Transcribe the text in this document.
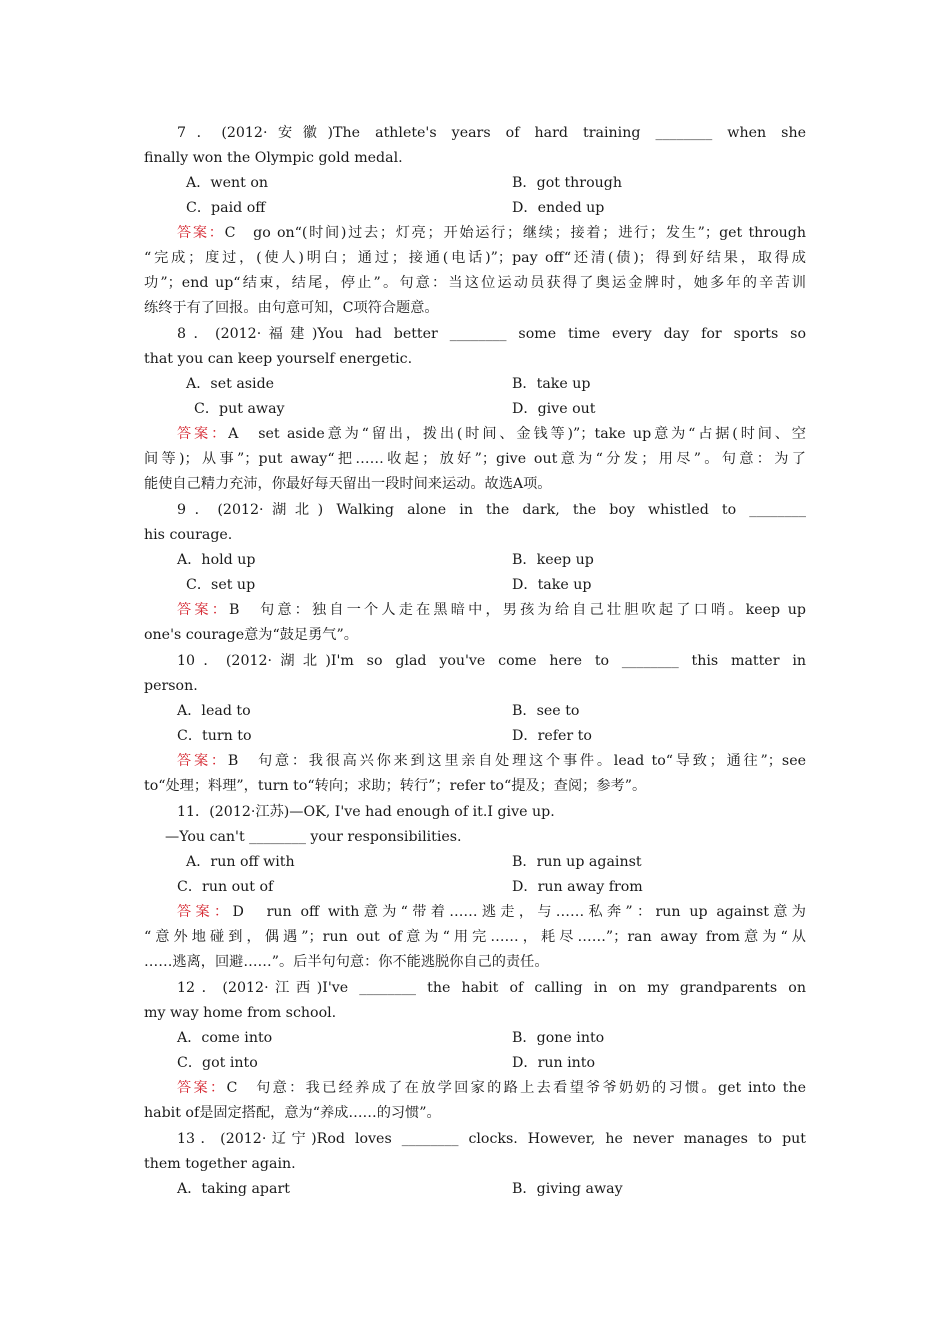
7．(2012·安徽)The athlete's years of hard training ________ when she
finally won the Olympic gold medal.
A．went on	B．got through
C．paid off	D．ended up
答案：C　go on“(时间)过去；灯亮；开始运行；继续；接着；进行；发生”；get through
“完成；度过，(使人)明白；通过；接通(电话)”；pay off“还清(债)；得到好结果，取得成
功”；end up“结束，结尾，停止”。句意：当这位运动员获得了奥运金牌时，她多年的辛苦训
练终于有了回报。由句意可知，C项符合题意。
8．(2012·福建)You had better ________ some time every day for sports so
that you can keep yourself energetic.
A．set aside	B．take up
C．put away	D．give out
答案：A　set aside意为“留出，拨出(时间、金钱等)”；take up意为“占据(时间、空
间等)；从事”；put away“把……收起；放好”；give out意为“分发；用尽”。句意：为了
能使自己精力充沛，你最好每天留出一段时间来运动。故选A项。
9．(2012·湖北) Walking alone in the dark, the boy whistled to ________
his courage.
A．hold up	B．keep up
C．set up	D．take up
答案：B　句意：独自一个人走在黑暗中，男孩为给自己壮胆吹起了口哨。keep up
one's courage意为“鼓足勇气”。
10．(2012·湖北)I'm so glad you've come here to ________ this matter in
person.
A．lead to	B．see to
C．turn to	D．refer to
答案：B　句意：我很高兴你来到这里亲自处理这个事件。lead to“导致；通往”；see
to“处理；料理”，turn to“转向；求助；转行”；refer to“提及；查阅；参考”。
11．(2012·江苏)—OK, I've had enough of it.I give up.
—You can't ________ your responsibilities.
A．run off with	B．run up against
C．run out of	D．run away from
答案：D　run off with意为“带着……逃走，与……私奔”：run up against意为
“意外地碰到，偶遇”；run out of意为“用完……，耗尽……”；ran away from意为“从
……逃离，回避……”。后半句句意：你不能逃脱你自己的责任。
12．(2012·江西)I've ________ the habit of calling in on my grandparents on
my way home from school.
A．come into	B．gone into
C．got into	D．run into
答案：C　句意：我已经养成了在放学回家的路上去看望爷爷奶奶的习惯。get into the
habit of是固定搭配，意为“养成……的习惯”。
13．(2012·辽宁)Rod loves ________ clocks. However, he never manages to put
them together again.
A．taking apart	B．giving away
